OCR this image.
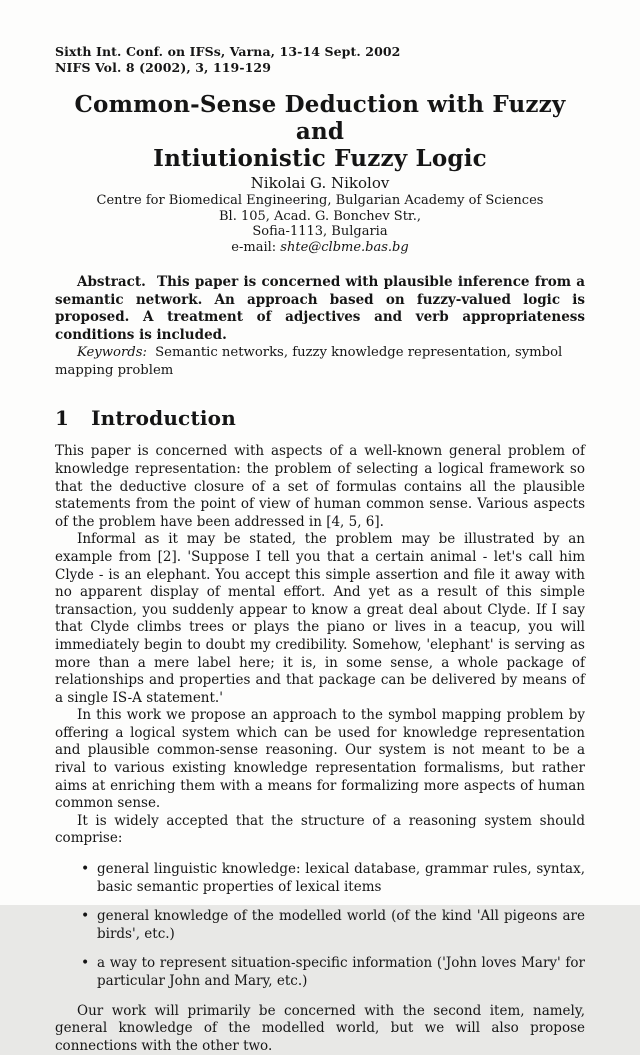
Sixth Int. Conf. on IFSs, Varna, 13-14 Sept. 2002
NIFS Vol. 8 (2002), 3, 119-129
Common-Sense Deduction with Fuzzy and
Intiutionistic Fuzzy Logic
Nikolai G. Nikolov
Centre for Biomedical Engineering, Bulgarian Academy of Sciences
Bl. 105, Acad. G. Bonchev Str.,
Sofia-1113, Bulgaria
e-mail: shte@clbme.bas.bg

Abstract. This paper is concerned with plausible inference from a semantic network. An approach based on fuzzy-valued logic is proposed. A treatment of adjectives and verb appropriateness conditions is included.

Keywords: Semantic networks, fuzzy knowledge representation, symbol mapping problem

1 Introduction

This paper is concerned with aspects of a well-known general problem of knowledge representation: the problem of selecting a logical framework so that the deductive closure of a set of formulas contains all the plausible statements from the point of view of human common sense. Various aspects of the problem have been addressed in [4, 5, 6].

Informal as it may be stated, the problem may be illustrated by an example from [2]. 'Suppose I tell you that a certain animal - let's call him Clyde - is an elephant. You accept this simple assertion and file it away with no apparent display of mental effort. And yet as a result of this simple transaction, you suddenly appear to know a great deal about Clyde. If I say that Clyde climbs trees or plays the piano or lives in a teacup, you will immediately begin to doubt my credibility. Somehow, 'elephant' is serving as more than a mere label here; it is, in some sense, a whole package of relationships and properties and that package can be delivered by means of a single IS-A statement.'

In this work we propose an approach to the symbol mapping problem by offering a logical system which can be used for knowledge representation and plausible common-sense reasoning. Our system is not meant to be a rival to various existing knowledge representation formalisms, but rather aims at enriching them with a means for formalizing more aspects of human common sense.

It is widely accepted that the structure of a reasoning system should comprise:

• general linguistic knowledge: lexical database, grammar rules, syntax, basic semantic properties of lexical items
• general knowledge of the modelled world (of the kind 'All pigeons are birds', etc.)
• a way to represent situation-specific information ('John loves Mary' for particular John and Mary, etc.)

Our work will primarily be concerned with the second item, namely, general knowledge of the modelled world, but we will also propose connections with the other two.
